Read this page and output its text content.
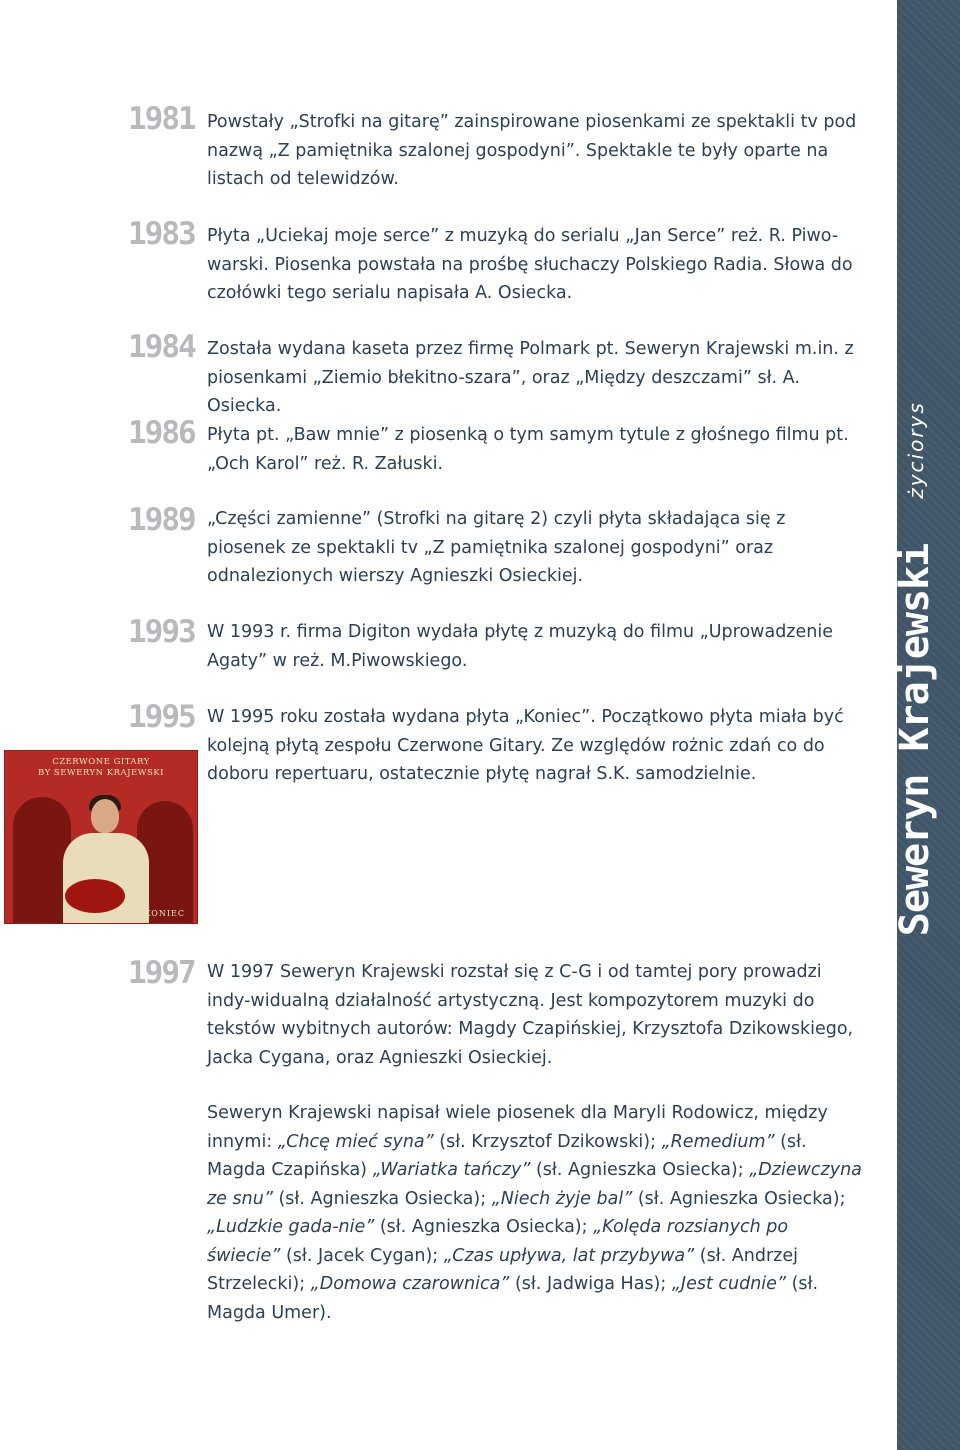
życiorys
Seweryn Krajewski
1981 Powstały „Strofki na gitarę” zainspirowane piosenkami ze spektakli tv pod nazwą „Z pamiętnika szalonej gospodyni”. Spektakle te były oparte na listach od telewidzów.
1983 Płyta „Uciekaj moje serce” z muzyką do serialu „Jan Serce” reż. R. Piwo-warski. Piosenka powstała na prośbę słuchaczy Polskiego Radia. Słowa do czołówki tego serialu napisała A. Osiecka.
1984 Została wydana kaseta przez firmę Polmark pt. Seweryn Krajewski m.in. z piosenkami „Ziemio błekitno-szara”, oraz „Między deszczami” sł. A. Osiecka.
1986 Płyta pt. „Baw mnie” z piosenką o tym samym tytule z głośnego filmu pt. „Och Karol” reż. R. Załuski.
1989 „Części zamienne” (Strofki na gitarę 2) czyli płyta składająca się z piosenek ze spektakli tv „Z pamiętnika szalonej gospodyni” oraz odnalezionych wierszy Agnieszki Osieckiej.
1993 W 1993 r. firma Digiton wydała płytę z muzyką do filmu „Uprowadzenie Agaty” w reż. M.Piwowskiego.
1995 W 1995 roku została wydana płyta „Koniec”. Początkowo płyta miała być kolejną płytą zespołu Czerwone Gitary. Ze względów rożnic zdań co do doboru repertuaru, ostatecznie płytę nagrał S.K. samodzielnie.
1997 W 1997 Seweryn Krajewski rozstał się z C-G i od tamtej pory prowadzi indy-widualną działalność artystyczną. Jest kompozytorem muzyki do tekstów wybitnych autorów: Magdy Czapińskiej, Krzysztofa Dzikowskiego, Jacka Cygana, oraz Agnieszki Osieckiej.
CZERWONE GITARY
BY SEWERYN KRAJEWSKI
KONIEC
Seweryn Krajewski napisał wiele piosenek dla Maryli Rodowicz, między innymi: „Chcę mieć syna” (sł. Krzysztof Dzikowski); „Remedium” (sł. Magda Czapińska) „Wariatka tańczy” (sł. Agnieszka Osiecka); „Dziewczyna ze snu” (sł. Agnieszka Osiecka); „Niech żyje bal” (sł. Agnieszka Osiecka); „Ludzkie gada-nie” (sł. Agnieszka Osiecka); „Kolęda rozsianych po świecie” (sł. Jacek Cygan); „Czas upływa, lat przybywa” (sł. Andrzej Strzelecki); „Domowa czarownica” (sł. Jadwiga Has); „Jest cudnie” (sł. Magda Umer).
4
